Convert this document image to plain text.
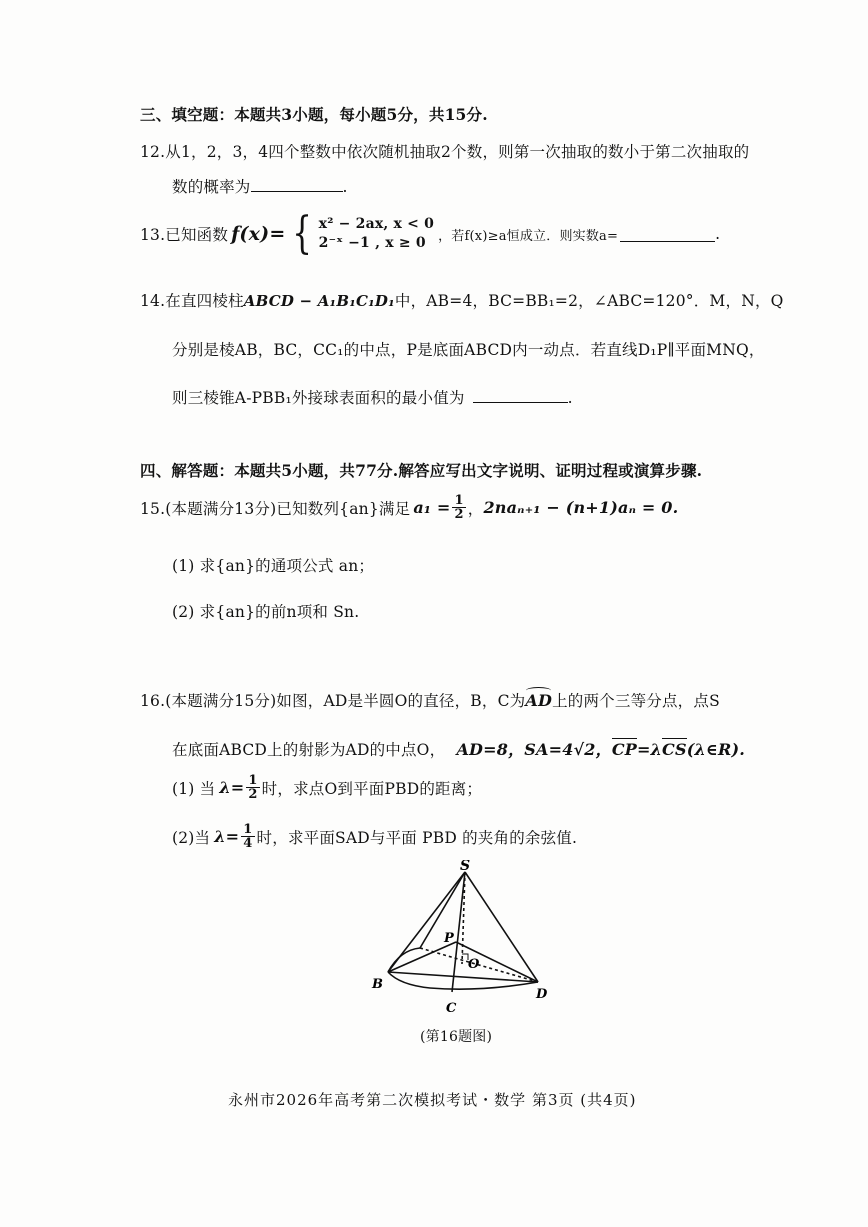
三、填空题：本题共3小题，每小题5分，共15分.
12.从1，2，3，4四个整数中依次随机抽取2个数，则第一次抽取的数小于第二次抽取的
数的概率为	.
13.已知函数 f(x)= { x² − 2ax, x < 0
2⁻ˣ −1 , x ≥ 0 ，若f(x)≥a恒成立．则实数a=	.
14.在直四棱柱ABCD − A₁B₁C₁D₁中，AB=4，BC=BB₁=2，∠ABC=120°．M，N，Q
分别是棱AB，BC，CC₁的中点，P是底面ABCD内一动点．若直线D₁P∥平面MNQ，
则三棱锥A-PBB₁外接球表面积的最小值为	.
四、解答题：本题共5小题，共77分.解答应写出文字说明、证明过程或演算步骤.
15.(本题满分13分)已知数列{an}满足 $a_1 = \frac{1}{2}$ ， 2naₙ₊₁ − (n+1)aₙ = 0.
(1) 求{an}的通项公式 an；
(2) 求{an}的前n项和 Sn.
16.(本题满分15分)如图，AD是半圆O的直径，B，C为AD上的两个三等分点，点S
在底面ABCD上的射影为AD的中点O， AD=8，SA=4√2，CP=λCS(λ∈R).
(1) 当 $\lambda= \frac{1}{2}$ 时，求点O到平面PBD的距离；
(2)当 $\lambda= \frac{1}{4}$ 时，求平面SAD与平面 PBD 的夹角的余弦值.
S
P
O
B
C
D
(第16题图)
永州市2026年高考第二次模拟考试・数学 第3页 (共4页)
